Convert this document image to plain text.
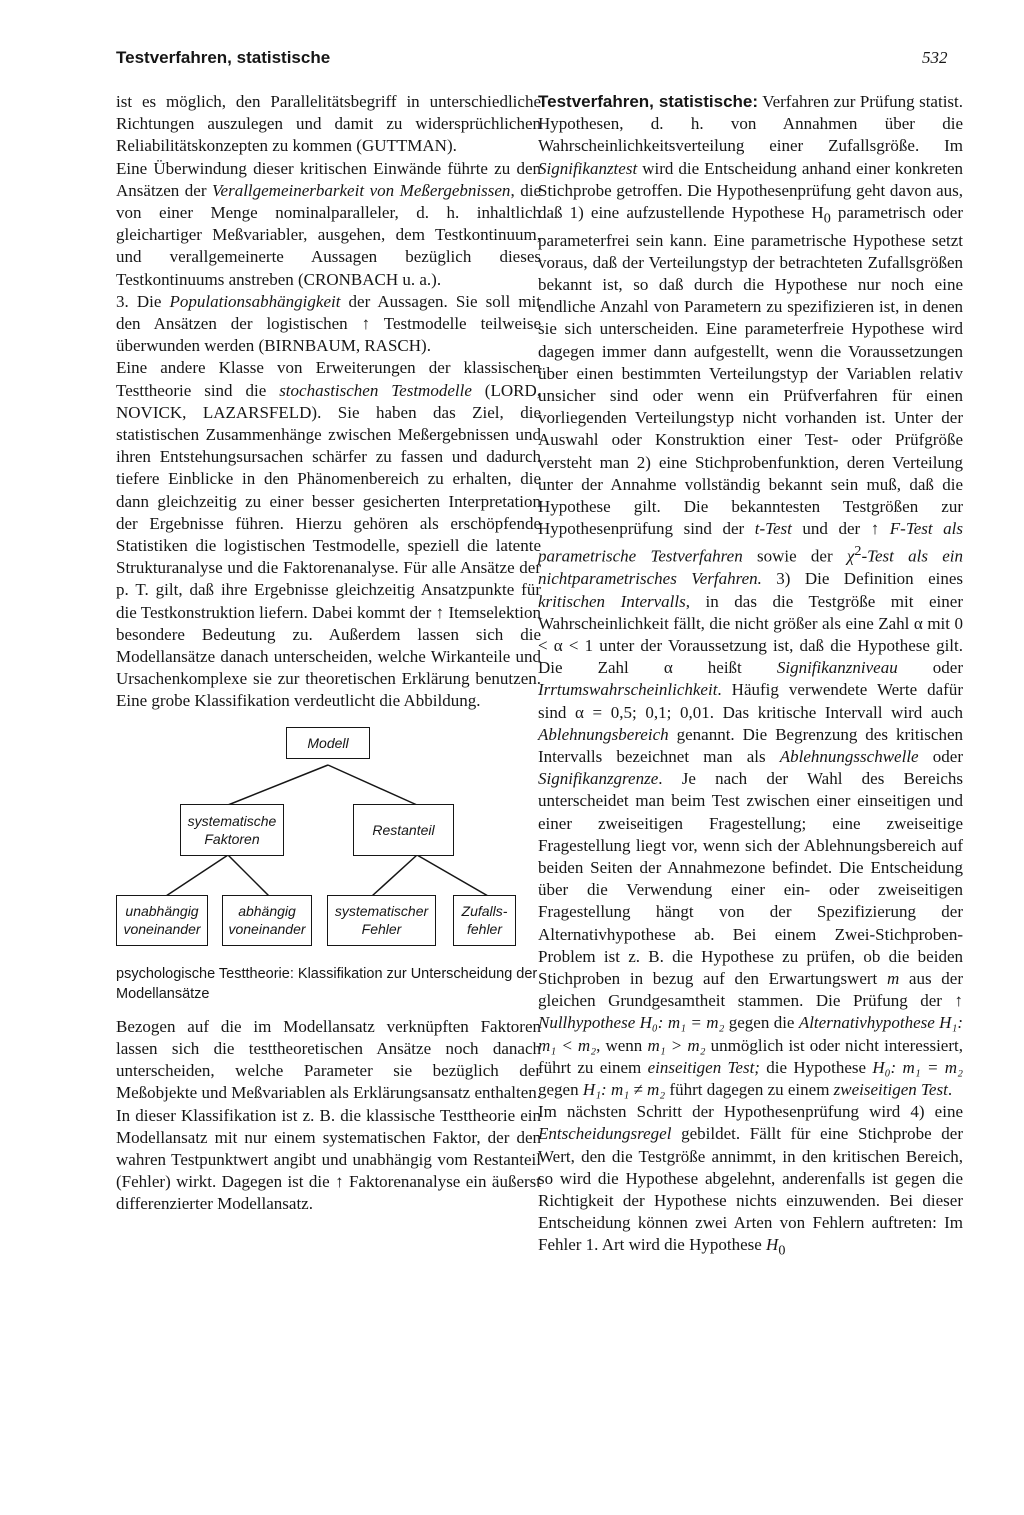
Testverfahren, statistische	532

ist es möglich, den Parallelitätsbegriff in unterschiedliche Richtungen auszulegen und damit zu widersprüchlichen Reliabilitätskonzepten zu kommen (GUTTMAN).

Eine Überwindung dieser kritischen Einwände führte zu den Ansätzen der Verallgemeinerbarkeit von Meßergebnissen, die von einer Menge nominalparalleler, d. h. inhaltlich gleichartiger Meßvariabler, ausgehen, dem Testkontinuum, und verallgemeinerte Aussagen bezüglich dieses Testkontinuums anstreben (CRONBACH u. a.).

3. Die Populationsabhängigkeit der Aussagen. Sie soll mit den Ansätzen der logistischen ↑ Testmodelle teilweise überwunden werden (BIRNBAUM, RASCH).

Eine andere Klasse von Erweiterungen der klassischen Testtheorie sind die stochastischen Testmodelle (LORD, NOVICK, LAZARSFELD). Sie haben das Ziel, die statistischen Zusammenhänge zwischen Meßergebnissen und ihren Entstehungsursachen schärfer zu fassen und dadurch tiefere Einblicke in den Phänomenbereich zu erhalten, die dann gleichzeitig zu einer besser gesicherten Interpretation der Ergebnisse führen. Hierzu gehören als erschöpfende Statistiken die logistischen Testmodelle, speziell die latente Strukturanalyse und die Faktorenanalyse. Für alle Ansätze der p. T. gilt, daß ihre Ergebnisse gleichzeitig Ansatzpunkte für die Testkonstruktion liefern. Dabei kommt der ↑ Itemselektion besondere Bedeutung zu. Außerdem lassen sich die Modellansätze danach unterscheiden, welche Wirkanteile und Ursachenkomplexe sie zur theoretischen Erklärung benutzen. Eine grobe Klassifikation verdeutlicht die Abbildung.

Modell
systematische
Faktoren
Restanteil
unabhängig
voneinander
abhängig
voneinander
systematischer
Fehler
Zufalls-
fehler
psychologische Testtheorie: Klassifikation zur Unterscheidung der Modellansätze

Bezogen auf die im Modellansatz verknüpften Faktoren lassen sich die testtheoretischen Ansätze noch danach unterscheiden, welche Parameter sie bezüglich der Meßobjekte und Meßvariablen als Erklärungsansatz enthalten. In dieser Klassifikation ist z. B. die klassische Testtheorie ein Modellansatz mit nur einem systematischen Faktor, der den wahren Testpunktwert angibt und unabhängig vom Restanteil (Fehler) wirkt. Dagegen ist die ↑ Faktorenanalyse ein äußerst differenzierter Modellansatz.

Testverfahren, statistische: Verfahren zur Prüfung statist. Hypothesen, d. h. von Annahmen über die Wahrscheinlichkeitsverteilung einer Zufallsgröße. Im Signifikanztest wird die Entscheidung anhand einer konkreten Stichprobe getroffen. Die Hypothesenprüfung geht davon aus, daß 1) eine aufzustellende Hypothese $H_0$ parametrisch oder parameterfrei sein kann. Eine parametrische Hypothese setzt voraus, daß der Verteilungstyp der betrachteten Zufallsgrößen bekannt ist, so daß durch die Hypothese nur noch eine endliche Anzahl von Parametern zu spezifizieren ist, in denen sie sich unterscheiden. Eine parameterfreie Hypothese wird dagegen immer dann aufgestellt, wenn die Voraussetzungen über einen bestimmten Verteilungstyp der Variablen relativ unsicher sind oder wenn ein Prüfverfahren für einen vorliegenden Verteilungstyp nicht vorhanden ist. Unter der Auswahl oder Konstruktion einer Test- oder Prüfgröße versteht man 2) eine Stichprobenfunktion, deren Verteilung unter der Annahme vollständig bekannt sein muß, daß die Hypothese gilt. Die bekanntesten Testgrößen zur Hypothesenprüfung sind der t-Test und der ↑ F-Test als parametrische Testverfahren sowie der $\chi^2$-Test als ein nichtparametrisches Verfahren. 3) Die Definition eines kritischen Intervalls, in das die Testgröße mit einer Wahrscheinlichkeit fällt, die nicht größer als eine Zahl α mit 0 < α < 1 unter der Voraussetzung ist, daß die Hypothese gilt. Die Zahl α heißt Signifikanzniveau oder Irrtumswahrscheinlichkeit. Häufig verwendete Werte dafür sind α = 0,5; 0,1; 0,01. Das kritische Intervall wird auch Ablehnungsbereich genannt. Die Begrenzung des kritischen Intervalls bezeichnet man als Ablehnungsschwelle oder Signifikanzgrenze. Je nach der Wahl des Bereichs unterscheidet man beim Test zwischen einer einseitigen und einer zweiseitigen Fragestellung; eine zweiseitige Fragestellung liegt vor, wenn sich der Ablehnungsbereich auf beiden Seiten der Annahmezone befindet. Die Entscheidung über die Verwendung einer ein- oder zweiseitigen Fragestellung hängt von der Spezifizierung der Alternativhypothese ab. Bei einem Zwei-Stichproben-Problem ist z. B. die Hypothese zu prüfen, ob die beiden Stichproben in bezug auf den Erwartungswert m aus der gleichen Grundgesamtheit stammen. Die Prüfung der ↑ Nullhypothese H₀: m₁ = m₂ gegen die Alternativhypothese H₁: m₁ < m₂, wenn m₁ > m₂ unmöglich ist oder nicht interessiert, führt zu einem einseitigen Test; die Hypothese H₀: m₁ = m₂ gegen H₁: m₁ ≠ m₂ führt dagegen zu einem zweiseitigen Test.

Im nächsten Schritt der Hypothesenprüfung wird 4) eine Entscheidungsregel gebildet. Fällt für eine Stichprobe der Wert, den die Testgröße annimmt, in den kritischen Bereich, so wird die Hypothese abgelehnt, anderenfalls ist gegen die Richtigkeit der Hypothese nichts einzuwenden. Bei dieser Entscheidung können zwei Arten von Fehlern auftreten: Im Fehler 1. Art wird die Hypothese $H_0$
